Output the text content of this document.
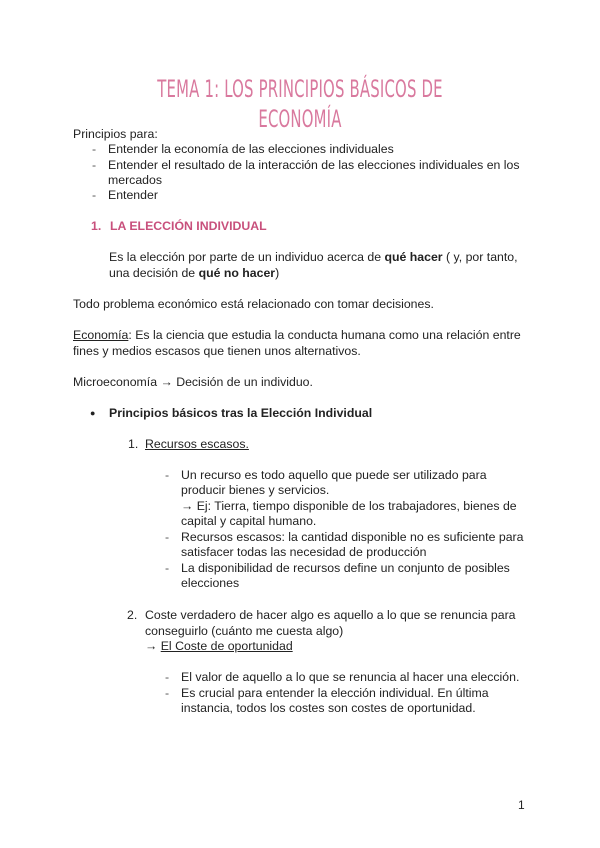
TEMA 1: LOS PRINCIPIOS BÁSICOS DE ECONOMÍA
Principios para:
- Entender la economía de las elecciones individuales
- Entender el resultado de la interacción de las elecciones individuales en los
mercados
- Entender
1. LA ELECCIÓN INDIVIDUAL
Es la elección por parte de un individuo acerca de qué hacer ( y, por tanto,
una decisión de qué no hacer)
Todo problema económico está relacionado con tomar decisiones.
Economía: Es la ciencia que estudia la conducta humana como una relación entre
fines y medios escasos que tienen unos alternativos.
Microeconomía → Decisión de un individuo.
● Principios básicos tras la Elección Individual
1. Recursos escasos.
- Un recurso es todo aquello que puede ser utilizado para
producir bienes y servicios.
→ Ej: Tierra, tiempo disponible de los trabajadores, bienes de
capital y capital humano.
- Recursos escasos: la cantidad disponible no es suficiente para
satisfacer todas las necesidad de producción
- La disponibilidad de recursos define un conjunto de posibles
elecciones
2. Coste verdadero de hacer algo es aquello a lo que se renuncia para
conseguirlo (cuánto me cuesta algo)
→ El Coste de oportunidad
- El valor de aquello a lo que se renuncia al hacer una elección.
- Es crucial para entender la elección individual. En última
instancia, todos los costes son costes de oportunidad.
1
